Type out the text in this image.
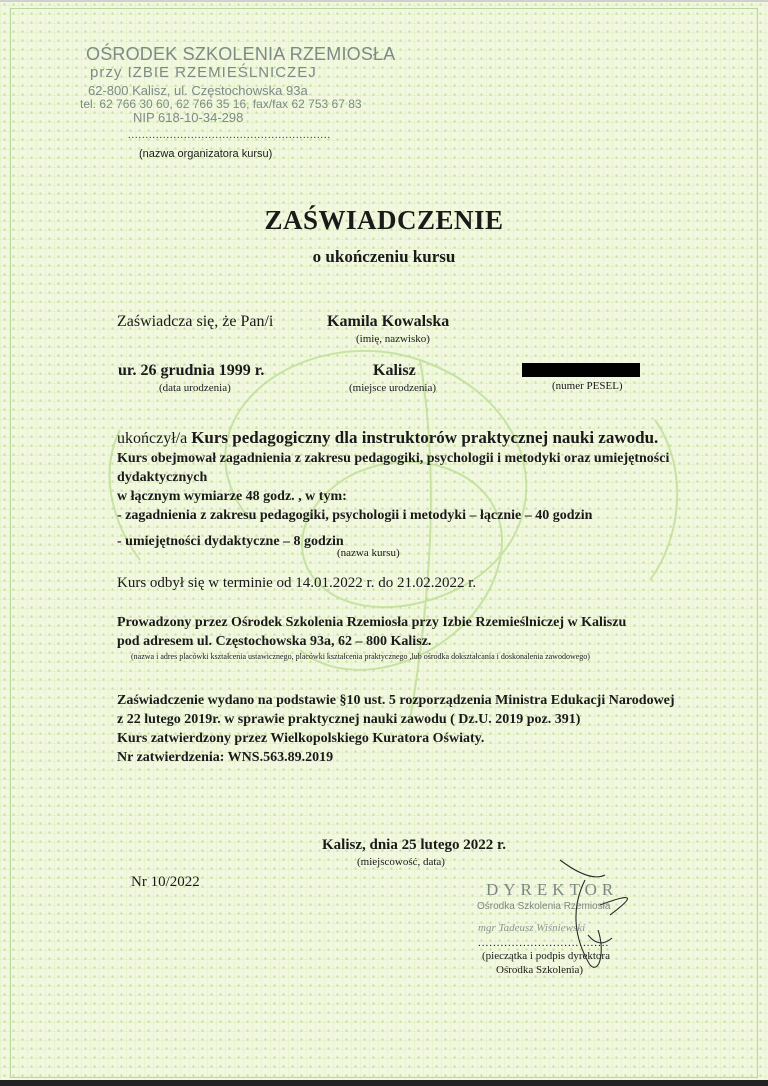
OŚRODEK SZKOLENIA RZEMIOSŁA
przy IZBIE RZEMIEŚLNICZEJ
62-800 Kalisz, ul. Częstochowska 93a
tel. 62 766 30 60, 62 766 35 16, fax/fax 62 753 67 83
NIP 618-10-34-298
..........................................................
(nazwa organizatora kursu)
ZAŚWIADCZENIE
o ukończeniu kursu
Zaświadcza się, że Pan/i	Kamila Kowalska
(imię, nazwisko)
ur. 26 grudnia 1999 r.
(data urodzenia)
Kalisz
(miejsce urodzenia)	(numer PESEL)
ukończył/a Kurs pedagogiczny dla instruktorów praktycznej nauki zawodu.
Kurs obejmował zagadnienia z zakresu pedagogiki, psychologii i metodyki oraz umiejętności
dydaktycznych
w łącznym wymiarze 48 godz. , w tym:
- zagadnienia z zakresu pedagogiki, psychologii i metodyki – łącznie – 40 godzin
- umiejętności dydaktyczne – 8 godzin
(nazwa kursu)
Kurs odbył się w terminie od 14.01.2022 r. do 21.02.2022 r.
Prowadzony przez Ośrodek Szkolenia Rzemiosła przy Izbie Rzemieślniczej w Kaliszu
pod adresem ul. Częstochowska 93a, 62 – 800 Kalisz.
(nazwa i adres placówki kształcenia ustawicznego, placówki kształcenia praktycznego ,lub ośrodka dokształcania i doskonalenia zawodowego)
Zaświadczenie wydano na podstawie §10 ust. 5 rozporządzenia Ministra Edukacji Narodowej
z 22 lutego 2019r. w sprawie praktycznej nauki zawodu ( Dz.U. 2019 poz. 391)
Kurs zatwierdzony przez Wielkopolskiego Kuratora Oświaty.
Nr zatwierdzenia: WNS.563.89.2019
Kalisz, dnia 25 lutego 2022 r.
(miejscowość, data)
Nr 10/2022	DYREKTOR
Ośrodka Szkolenia Rzemiosła
mgr Tadeusz Wiśniewski
...................................
(pieczątka i podpis dyrektora
Ośrodka Szkolenia)
